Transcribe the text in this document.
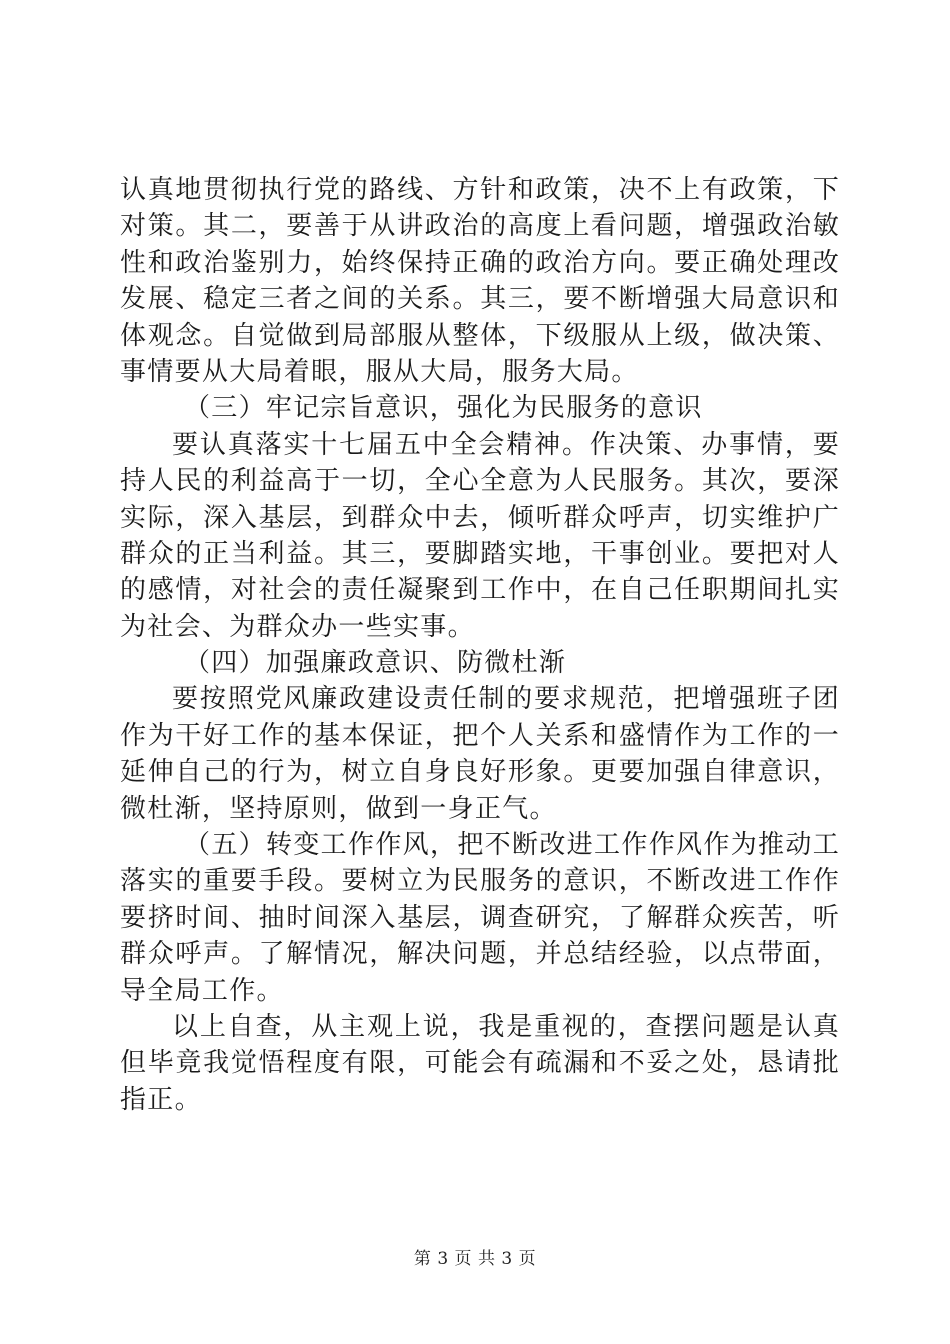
认真地贯彻执行党的路线、方针和政策，决不上有政策，下
对策。其二，要善于从讲政治的高度上看问题，增强政治敏
性和政治鉴别力，始终保持正确的政治方向。要正确处理改
发展、稳定三者之间的关系。其三，要不断增强大局意识和
体观念。自觉做到局部服从整体，下级服从上级，做决策、
事情要从大局着眼，服从大局，服务大局。
（三）牢记宗旨意识，强化为民服务的意识
要认真落实十七届五中全会精神。作决策、办事情，要
持人民的利益高于一切，全心全意为人民服务。其次，要深
实际，深入基层，到群众中去，倾听群众呼声，切实维护广
群众的正当利益。其三，要脚踏实地，干事创业。要把对人
的感情，对社会的责任凝聚到工作中，在自己任职期间扎实
为社会、为群众办一些实事。
（四）加强廉政意识、防微杜渐
要按照党风廉政建设责任制的要求规范，把增强班子团
作为干好工作的基本保证，把个人关系和盛情作为工作的一
延伸自己的行为，树立自身良好形象。更要加强自律意识，
微杜渐，坚持原则，做到一身正气。
（五）转变工作作风，把不断改进工作作风作为推动工
落实的重要手段。要树立为民服务的意识，不断改进工作作
要挤时间、抽时间深入基层，调查研究，了解群众疾苦，听
群众呼声。了解情况，解决问题，并总结经验，以点带面，
导全局工作。
以上自查，从主观上说，我是重视的，查摆问题是认真
但毕竟我觉悟程度有限，可能会有疏漏和不妥之处，恳请批
指正。
第 3 页 共 3 页
